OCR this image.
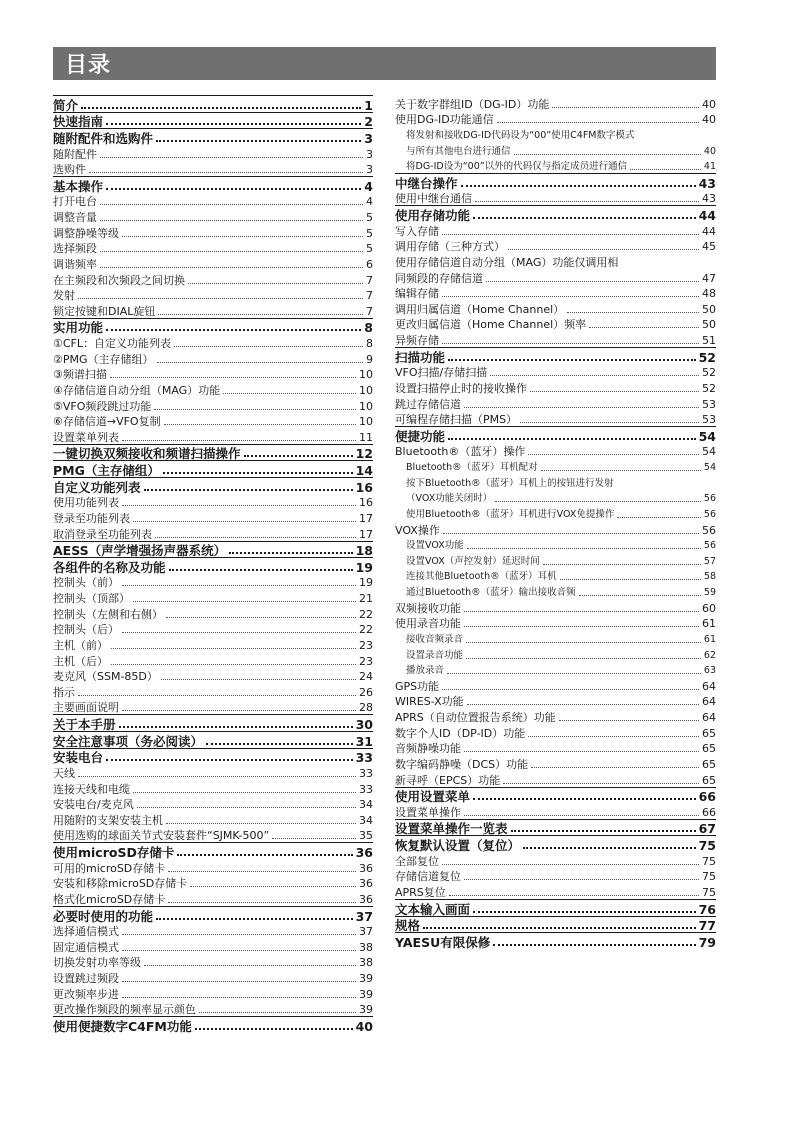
目录
简介	1
快速指南	2
随附配件和选购件	3
随附配件	3
选购件	3
基本操作	4
打开电台	4
调整音量	5
调整静噪等级	5
选择频段	5
调谐频率	6
在主频段和次频段之间切换	7
发射	7
锁定按键和DIAL旋钮	7
实用功能	8
①CFL：自定义功能列表	8
②PMG（主存储组）	9
③频谱扫描	10
④存储信道自动分组（MAG）功能	10
⑤VFO频段跳过功能	10
⑥存储信道→VFO复制	10
设置菜单列表	11
一键切换双频接收和频谱扫描操作	12
PMG（主存储组）	14
自定义功能列表	16
使用功能列表	16
登录至功能列表	17
取消登录至功能列表	17
AESS（声学增强扬声器系统）	18
各组件的名称及功能	19
控制头（前）	19
控制头（顶部）	21
控制头（左侧和右侧）	22
控制头（后）	22
主机（前）	23
主机（后）	23
麦克风（SSM-85D）	24
指示	26
主要画面说明	28
关于本手册	30
安全注意事项（务必阅读）	31
安装电台	33
天线	33
连接天线和电缆	33
安装电台/麦克风	34
用随附的支架安装主机	34
使用选购的球面关节式安装套件“SJMK-500”	35
使用microSD存储卡	36
可用的microSD存储卡	36
安装和移除microSD存储卡	36
格式化microSD存储卡	36
必要时使用的功能	37
选择通信模式	37
固定通信模式	38
切换发射功率等级	38
设置跳过频段	39
更改频率步进	39
更改操作频段的频率显示颜色	39
使用便捷数字C4FM功能	40
关于数字群组ID（DG-ID）功能	40
使用DG-ID功能通信	40
将发射和接收DG-ID代码设为“00”使用C4FM数字模式
与所有其他电台进行通信	40
将DG-ID设为“00”以外的代码仅与指定成员进行通信	41
中继台操作	43
使用中继台通信	43
使用存储功能	44
写入存储	44
调用存储（三种方式）	45
使用存储信道自动分组（MAG）功能仅调用相
同频段的存储信道	47
编辑存储	48
调用归属信道（Home Channel）	50
更改归属信道（Home Channel）频率	50
异频存储	51
扫描功能	52
VFO扫描/存储扫描	52
设置扫描停止时的接收操作	52
跳过存储信道	53
可编程存储扫描（PMS）	53
便捷功能	54
Bluetooth®（蓝牙）操作	54
Bluetooth®（蓝牙）耳机配对	54
按下Bluetooth®（蓝牙）耳机上的按钮进行发射
（VOX功能关闭时）	56
使用Bluetooth®（蓝牙）耳机进行VOX免提操作	56
VOX操作	56
设置VOX功能	56
设置VOX（声控发射）延迟时间	57
连接其他Bluetooth®（蓝牙）耳机	58
通过Bluetooth®（蓝牙）输出接收音频	59
双频接收功能	60
使用录音功能	61
接收音频录音	61
设置录音功能	62
播放录音	63
GPS功能	64
WIRES-X功能	64
APRS（自动位置报告系统）功能	64
数字个人ID（DP-ID）功能	65
音频静噪功能	65
数字编码静噪（DCS）功能	65
新寻呼（EPCS）功能	65
使用设置菜单	66
设置菜单操作	66
设置菜单操作一览表	67
恢复默认设置（复位）	75
全部复位	75
存储信道复位	75
APRS复位	75
文本输入画面	76
规格	77
YAESU有限保修	79
